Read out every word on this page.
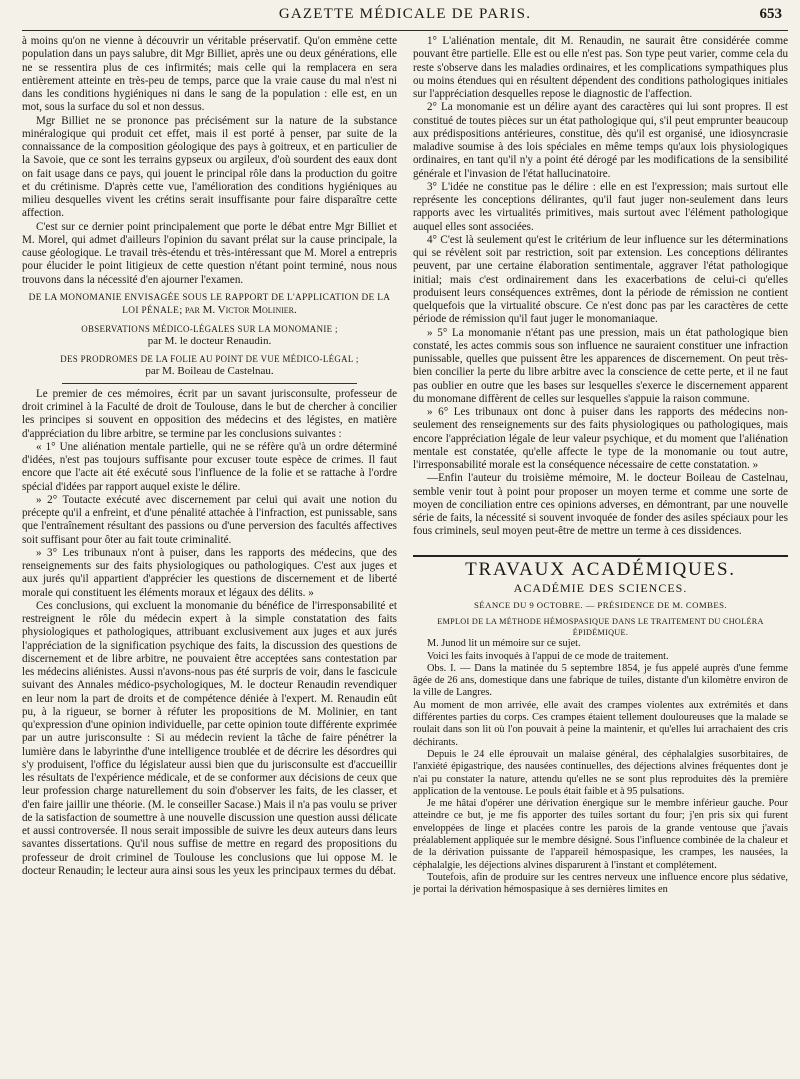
GAZETTE MÉDICALE DE PARIS.	653

à moins qu'on ne vienne à découvrir un véritable préservatif. Qu'on emmène cette population dans un pays salubre, dit Mgr Billiet, après une ou deux générations, elle ne se ressentira plus de ces infirmités; mais celle qui la remplacera en sera entièrement atteinte en très-peu de temps, parce que la vraie cause du mal n'est ni dans les conditions hygiéniques ni dans le sang de la population : elle est, en un mot, sous la surface du sol et non dessus.

Mgr Billiet ne se prononce pas précisément sur la nature de la substance minéralogique qui produit cet effet, mais il est porté à penser, par suite de la connaissance de la composition géologique des pays à goitreux, et en particulier de la Savoie, que ce sont les terrains gypseux ou argileux, d'où sourdent des eaux dont on fait usage dans ce pays, qui jouent le principal rôle dans la production du goitre et du crétinisme. D'après cette vue, l'amélioration des conditions hygiéniques au milieu desquelles vivent les crétins serait insuffisante pour faire disparaître cette affection.

C'est sur ce dernier point principalement que porte le débat entre Mgr Billiet et M. Morel, qui admet d'ailleurs l'opinion du savant prélat sur la cause principale, la cause géologique. Le travail très-étendu et très-intéressant que M. Morel a entrepris pour élucider le point litigieux de cette question n'étant point terminé, nous nous trouvons dans la nécessité d'en ajourner l'examen.

DE LA MONOMANIE ENVISAGÉE SOUS LE RAPPORT DE L'APPLICATION DE LA LOI PÉNALE; par M. Victor Molinier.
OBSERVATIONS MÉDICO-LÉGALES SUR LA MONOMANIE ;
par M. le docteur Renaudin.
DES PRODROMES DE LA FOLIE AU POINT DE VUE MÉDICO-LÉGAL ;
par M. Boileau de Castelnau.

Le premier de ces mémoires, écrit par un savant jurisconsulte, professeur de droit criminel à la Faculté de droit de Toulouse, dans le but de chercher à concilier les principes si souvent en opposition des médecins et des légistes, en matière d'appréciation du libre arbitre, se termine par les conclusions suivantes :

« 1° Une aliénation mentale partielle, qui ne se réfère qu'à un ordre déterminé d'idées, n'est pas toujours suffisante pour excuser toute espèce de crimes. Il faut encore que l'acte ait été exécuté sous l'influence de la folie et se rattache à l'ordre spécial d'idées par rapport auquel existe le délire.

» 2° Toutacte exécuté avec discernement par celui qui avait une notion du précepte qu'il a enfreint, et d'une pénalité attachée à l'infraction, est punissable, sans que l'entraînement résultant des passions ou d'une perversion des facultés affectives soit suffisant pour ôter au fait toute criminalité.

» 3° Les tribunaux n'ont à puiser, dans les rapports des médecins, que des renseignements sur des faits physiologiques ou pathologiques. C'est aux juges et aux jurés qu'il appartient d'apprécier les questions de discernement et de liberté morale qui constituent les éléments moraux et légaux des délits. »

Ces conclusions, qui excluent la monomanie du bénéfice de l'irresponsabilité et restreignent le rôle du médecin expert à la simple constatation des faits physiologiques et pathologiques, attribuant exclusivement aux juges et aux jurés l'appréciation de la signification psychique des faits, la discussion des questions de discernement et de libre arbitre, ne pouvaient être acceptées sans contestation par les médecins aliénistes. Aussi n'avons-nous pas été surpris de voir, dans le fascicule suivant des Annales médico-psychologiques, M. le docteur Renaudin revendiquer en leur nom la part de droits et de compétence déniée à l'expert. M. Renaudin eût pu, à la rigueur, se borner à réfuter les propositions de M. Molinier, en tant qu'expression d'une opinion individuelle, par cette opinion toute différente exprimée par un autre jurisconsulte : Si au médecin revient la tâche de faire pénétrer la lumière dans le labyrinthe d'une intelligence troublée et de décrire les désordres qui s'y produisent, l'office du législateur aussi bien que du jurisconsulte est d'accueillir les résultats de l'expérience médicale, et de se conformer aux décisions de ceux que leur profession charge naturellement du soin d'observer les faits, de les classer, et d'en faire jaillir une théorie. (M. le conseiller Sacase.) Mais il n'a pas voulu se priver de la satisfaction de soumettre à une nouvelle discussion une question aussi délicate et aussi controversée. Il nous serait impossible de suivre les deux auteurs dans leurs savantes dissertations. Qu'il nous suffise de mettre en regard des propositions du professeur de droit criminel de Toulouse les conclusions que lui oppose M. le docteur Renaudin; le lecteur aura ainsi sous les yeux les principaux termes du débat.

1° L'aliénation mentale, dit M. Renaudin, ne saurait être considérée comme pouvant être partielle. Elle est ou elle n'est pas. Son type peut varier, comme cela du reste s'observe dans les maladies ordinaires, et les complications sympathiques plus ou moins étendues qui en résultent dépendent des conditions pathologiques initiales sur l'appréciation desquelles repose le diagnostic de l'affection.

2° La monomanie est un délire ayant des caractères qui lui sont propres. Il est constitué de toutes pièces sur un état pathologique qui, s'il peut emprunter beaucoup aux prédispositions antérieures, constitue, dès qu'il est organisé, une idiosyncrasie maladive soumise à des lois spéciales en même temps qu'aux lois physiologiques ordinaires, en tant qu'il n'y a point été dérogé par les modifications de la sensibilité générale et l'invasion de l'état hallucinatoire.

3° L'idée ne constitue pas le délire : elle en est l'expression; mais surtout elle représente les conceptions délirantes, qu'il faut juger non-seulement dans leurs rapports avec les virtualités primitives, mais surtout avec l'élément pathologique auquel elles sont associées.

4° C'est là seulement qu'est le critérium de leur influence sur les déterminations qui se révèlent soit par restriction, soit par extension. Les conceptions délirantes peuvent, par une certaine élaboration sentimentale, aggraver l'état pathologique initial; mais c'est ordinairement dans les exacerbations de celui-ci qu'elles produisent leurs conséquences extrêmes, dont la période de rémission ne contient quelquefois que la virtualité obscure. Ce n'est donc pas par les caractères de cette période de rémission qu'il faut juger le monomaniaque.

» 5° La monomanie n'étant pas une pression, mais un état pathologique bien constaté, les actes commis sous son influence ne sauraient constituer une infraction punissable, quelles que puissent être les apparences de discernement. On peut très-bien concilier la perte du libre arbitre avec la conscience de cette perte, et il ne faut pas oublier en outre que les bases sur lesquelles s'exerce le discernement apparent du monomane diffèrent de celles sur lesquelles s'appuie la raison commune.

» 6° Les tribunaux ont donc à puiser dans les rapports des médecins non-seulement des renseignements sur des faits physiologiques ou pathologiques, mais encore l'appréciation légale de leur valeur psychique, et du moment que l'aliénation mentale est constatée, qu'elle affecte le type de la monomanie ou tout autre, l'irresponsabilité morale est la conséquence nécessaire de cette constatation. »

—Enfin l'auteur du troisième mémoire, M. le docteur Boileau de Castelnau, semble venir tout à point pour proposer un moyen terme et comme une sorte de moyen de conciliation entre ces opinions adverses, en démontrant, par une nouvelle série de faits, la nécessité si souvent invoquée de fonder des asiles spéciaux pour les fous criminels, seul moyen peut-être de mettre un terme à ces dissidences.

TRAVAUX ACADÉMIQUES.
ACADÉMIE DES SCIENCES.
SÉANCE DU 9 OCTOBRE. — PRÉSIDENCE DE M. COMBES.
EMPLOI DE LA MÉTHODE HÉMOSPASIQUE DANS LE TRAITEMENT DU CHOLÉRA ÉPIDÉMIQUE.

M. Junod lit un mémoire sur ce sujet.

Voici les faits invoqués à l'appui de ce mode de traitement.

Obs. I. — Dans la matinée du 5 septembre 1854, je fus appelé auprès d'une femme âgée de 26 ans, domestique dans une fabrique de tuiles, distante d'un kilomètre environ de la ville de Langres.

Au moment de mon arrivée, elle avait des crampes violentes aux extrémités et dans différentes parties du corps. Ces crampes étaient tellement douloureuses que la malade se roulait dans son lit où l'on pouvait à peine la maintenir, et qu'elles lui arrachaient des cris déchirants.

Depuis le 24 elle éprouvait un malaise général, des céphalalgies susorbitaires, de l'anxiété épigastrique, des nausées continuelles, des déjections alvines fréquentes dont je n'ai pu constater la nature, attendu qu'elles ne se sont plus reproduites dès la première application de la ventouse. Le pouls était faible et à 95 pulsations.

Je me hâtai d'opérer une dérivation énergique sur le membre inférieur gauche. Pour atteindre ce but, je me fis apporter des tuiles sortant du four; j'en pris six qui furent enveloppées de linge et placées contre les parois de la grande ventouse que j'avais préalablement appliquée sur le membre désigné. Sous l'influence combinée de la chaleur et de la dérivation puissante de l'appareil hémospasique, les crampes, les nausées, la céphalalgie, les déjections alvines disparurent à l'instant et complétement.

Toutefois, afin de produire sur les centres nerveux une influence encore plus sédative, je portai la dérivation hémospasique à ses dernières limites en
